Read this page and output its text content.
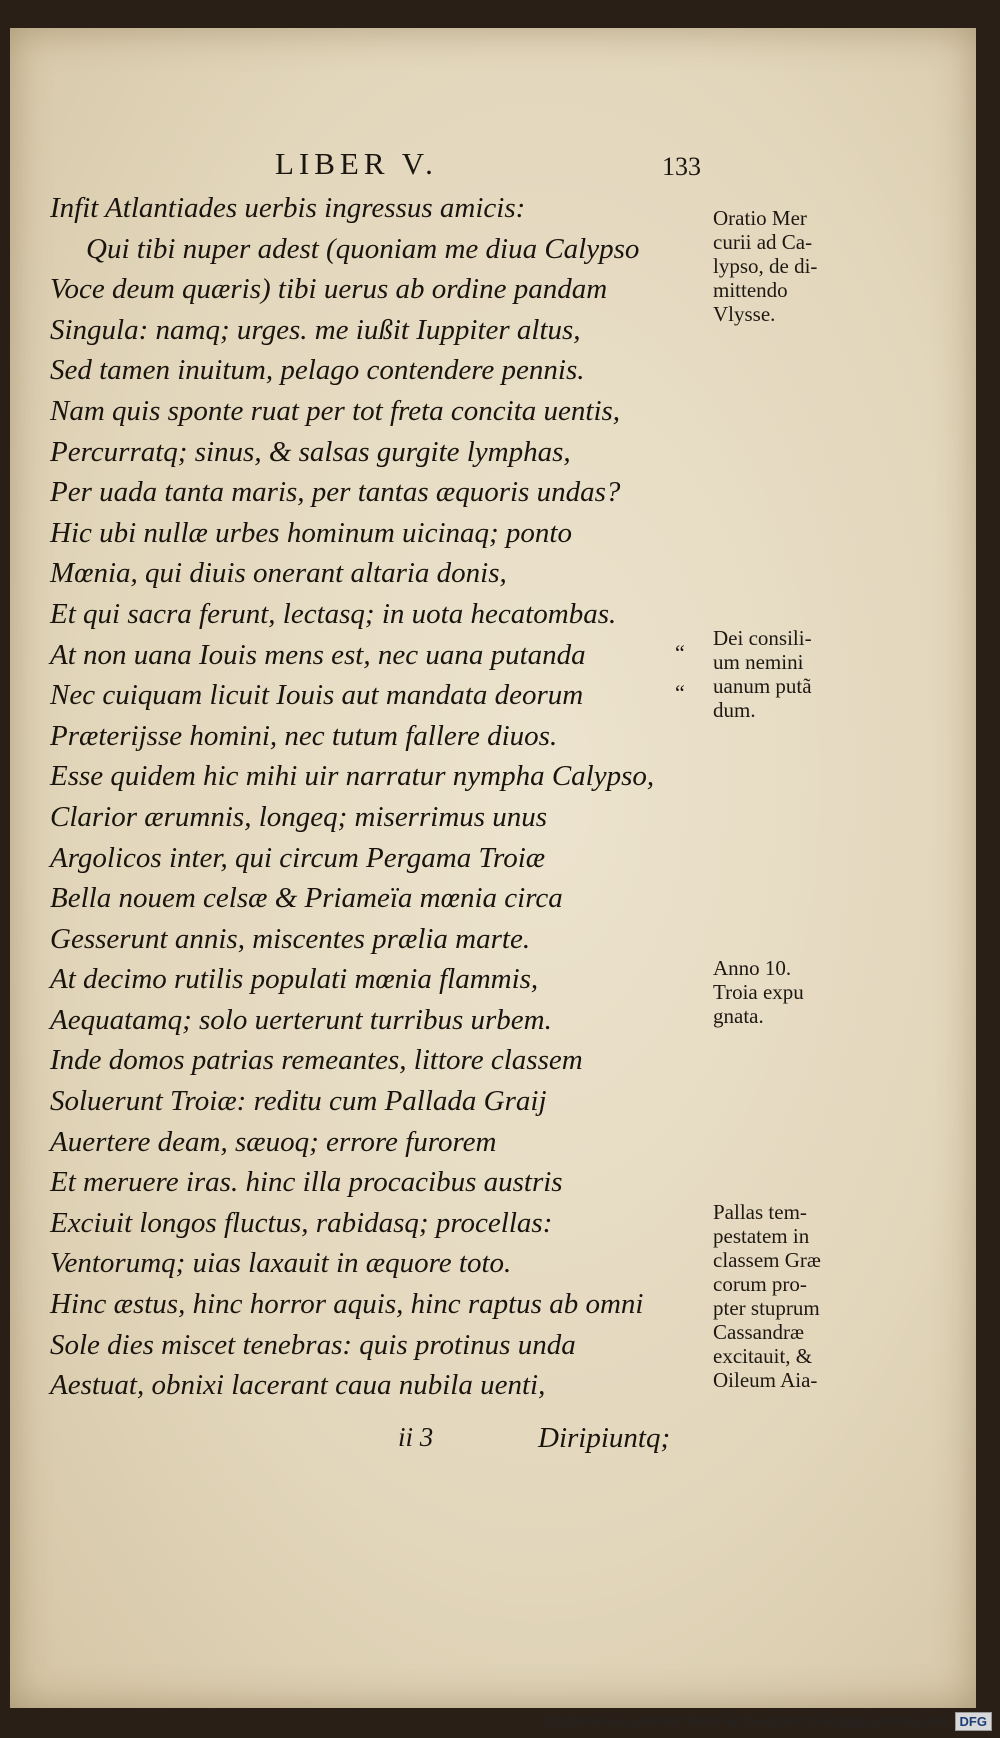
LIBER V.	133
Infit Atlantiades uerbis ingressus amicis:
Qui tibi nuper adest (quoniam me diua Calypso
Voce deum quæris) tibi uerus ab ordine pandam
Singula: namq; urges. me iußit Iuppiter altus,
Sed tamen inuitum, pelago contendere pennis.
Nam quis sponte ruat per tot freta concita uentis,
Percurratq; sinus, & salsas gurgite lymphas,
Per uada tanta maris, per tantas æquoris undas?
Hic ubi nullæ urbes hominum uicinaq; ponto
Mœnia, qui diuis onerant altaria donis,
Et qui sacra ferunt, lectasq; in uota hecatombas.
At non uana Iouis mens est, nec uana putanda
Nec cuiquam licuit Iouis aut mandata deorum
Præterijsse homini, nec tutum fallere diuos.
Esse quidem hic mihi uir narratur nympha Calypso,
Clarior ærumnis, longeq; miserrimus unus
Argolicos inter, qui circum Pergama Troiæ
Bella nouem celsæ & Priameïa mœnia circa
Gesserunt annis, miscentes prælia marte.
At decimo rutilis populati mœnia flammis,
Aequatamq; solo uerterunt turribus urbem.
Inde domos patrias remeantes, littore classem
Soluerunt Troiæ: reditu cum Pallada Graij
Auertere deam, sæuoq; errore furorem
Et meruere iras. hinc illa procacibus austris
Exciuit longos fluctus, rabidasq; procellas:
Ventorumq; uias laxauit in æquore toto.
Hinc æstus, hinc horror aquis, hinc raptus ab omni
Sole dies miscet tenebras: quis protinus unda
Aestuat, obnixi lacerant caua nubila uenti,
“
“
Oratio Mer
curii ad Ca-
lypso, de di-
mittendo
Vlysse.
Dei consili-
um nemini
uanum putã
dum.
Anno 10.
Troia expu
gnata.
Pallas tem-
pestatem in
classem Græ
corum pro-
pter stuprum
Cassandræ
excitauit, &
Oileum Aia-
ii 3	Diripiuntq;
Digitalisierung gefördert durch die Deutsche Forschungsgemeinschaft DFG
